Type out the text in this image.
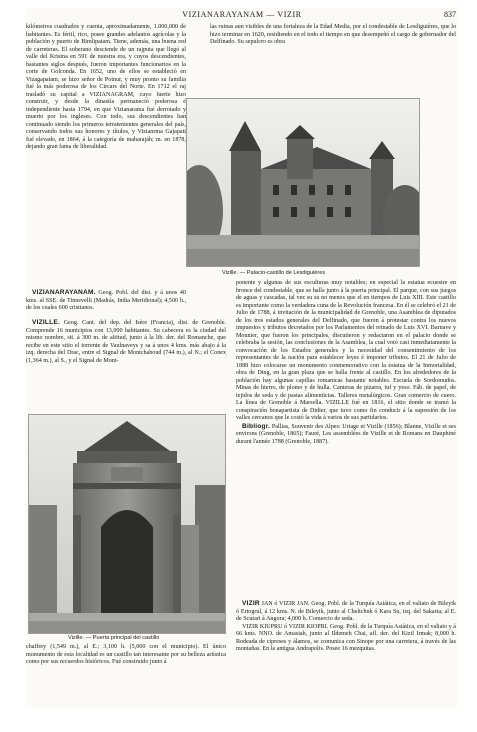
VIZIANARAYANAM — VIZIR	837

kilómetros cuadrados y cuenta, aproximadamente, 1.000,000 de habitantes. Es fértil, rico, posee grandes adelantos agrícolas y la población y puerto de Bimlipatam. Tiene, además, una buena red de carreteras. El soberano desciende de un rajputa que llegó al valle del Kristna en 591 de nuestra era, y cuyos descendientes, bastantes siglos después, fueron importantes funcionarios en la corte de Golconda. En 1652, uno de ellos se estableció en Vizagapatam, se hizo señor de Potnur, y muy pronto su familia fué la más poderosa de los Circars del Norte. En 1712 el raj trasladó su capital a VIZIANAGRAM, cuyo fuerte hizo construir, y desde la dinastía permaneció poderosa é independiente hasta 1794, en que Vizianarama fué derrotado y muerto por los ingleses. Con todo, sus descendientes han continuado siendo los primeros terratenientes generales del país, conservando todos sus honores y títulos, y Vizianrma Gajapati fué elevado, en 1864, á la categoría de maharajáh; m. en 1878, dejando gran fama de liberalidad.

VIZIANARAYANAM. Geog. Pobl. del dist. y á unos 40 kms. al SSE. de Tinnevelli (Madrás, India Meridional); 4,500 h., de los cuales 600 cristianos.

VIZILLE. Geog. Cant. del dep. del Isère (Francia), dist. de Grenoble. Comprende 16 municipios con 13,000 habitantes. Su cabecera es la ciudad del mismo nombre, sit. á 300 m. de altitud, junto á la lib. der. del Romanche, que recibe en este sitio el torrente de Vaulnaveys y sa á unos 4 kms. más abajo á la izq. derecha del Drac, entre el Signal de Montchaboud (744 m.), al N.; el Conex (1,364 m.), al S., y el Signal de Mont-

Vizille. — Puerta principal del castillo

chaffrey (1,549 m.), al E.; 3,100 h. (5,000 con el municipio). El único monumento de esta localidad es un castillo tan interesante por su belleza artística como por sus recuerdos históricos. Fué construido junto á

las ruinas aun visibles de una fortaleza de la Edad Media, por el condestable de Lesdiguières, que lo hizo terminar en 1620, residiendo en el todo el tiempo en que desempeñó el cargo de gobernador del Delfinado. Su sepulcro es obra

Vizille. — Palacio-castillo de Lesdiguières

ponente y algunas de sus esculturas muy notables; en especial la estatua ecuestre en bronce del condestable, que se halla junto á la puerta principal. El parque, con sus juegos de aguas y cascadas, tal vez su su no menos que el en tiempos de Luis XIII. Este castillo es importante como la verdadera cuna de la Revolución francesa. En él se celebró el 21 de Julio de 1788, á invitación de la municipalidad de Grenoble, una Asamblea de diputados de los tres estados generales del Delfinado, que fueron á protestar contra los nuevos impuestos y tributos decretados por los Parlamentos del reinado de Luis XVI. Barnave y Mounier, que fueron los principales, discutieron y redactaron en el palacio donde se celebraba la sesión, las conclusiones de la Asamblea, la cual votó casi inmediatamente la convocación de los Estados generales y la necesidad del consentimiento de los representantes de la nación para establecer leyes é imponer tributos. El 21 de Julio de 1888 hizo colocarse un monumento conmemorativo con la estatua de la Inmortalidad, obra de Ding, en la gran plaza que se halla frente al castillo. En los alrededores de la población hay algunas capillas romanicas bastante notables. Escuela de Sordomudos. Minas de hierro, de plomo y de hulla. Canteras de pizarra, tuf y yeso. Fáb. de papel, de tejidos de seda y de pastas alimenticias. Talleres metalúrgicos. Gran comercio de cuero. La línea de Grenoble á Marsella. VIZILLE fué en 1816, el sitio donde se tramó la conspiración bonapartista de Didier, que tuvo como fin conducir á la supresión de los valles cercanos que le costó la vida á varios de sus partidarios.

Bibliogr. Pallias, Souvenir des Alpes: Uriage et Vizille (1856); Blanne, Vizille et ses environs (Grenoble, 1865); Fauré, Les assemblées de Vizille et de Romans en Dauphiné durant l'année 1788 (Grenoble, 1887).

VIZIR JAN ó VIZIR JAN. Geog. Pobl. de la Turquía Asiática, en el valiato de Bileyik ó Ertogrul, á 12 kms. N. de Bileyik, junto al Cheltchuk ó Kara Su, izq. del Sakaria; al E. de Scutari á Angora; 4,000 h. Comercio de seda.

VIZIR KIUPRU ó VIZIR KIOPRI. Geog. Pobl. de la Turquía Asiática, en el valiato y á 66 kms. NNO. de Amasiah, junto al Ildemeh Chai, afl. der. del Kizil Irmak; 8,000 h. Rodeada de cipreses y álamos, se comunica con Sinope por una carretera, á través de las montañas. En la antigua Andrapolis. Posee 16 mezquitas.
